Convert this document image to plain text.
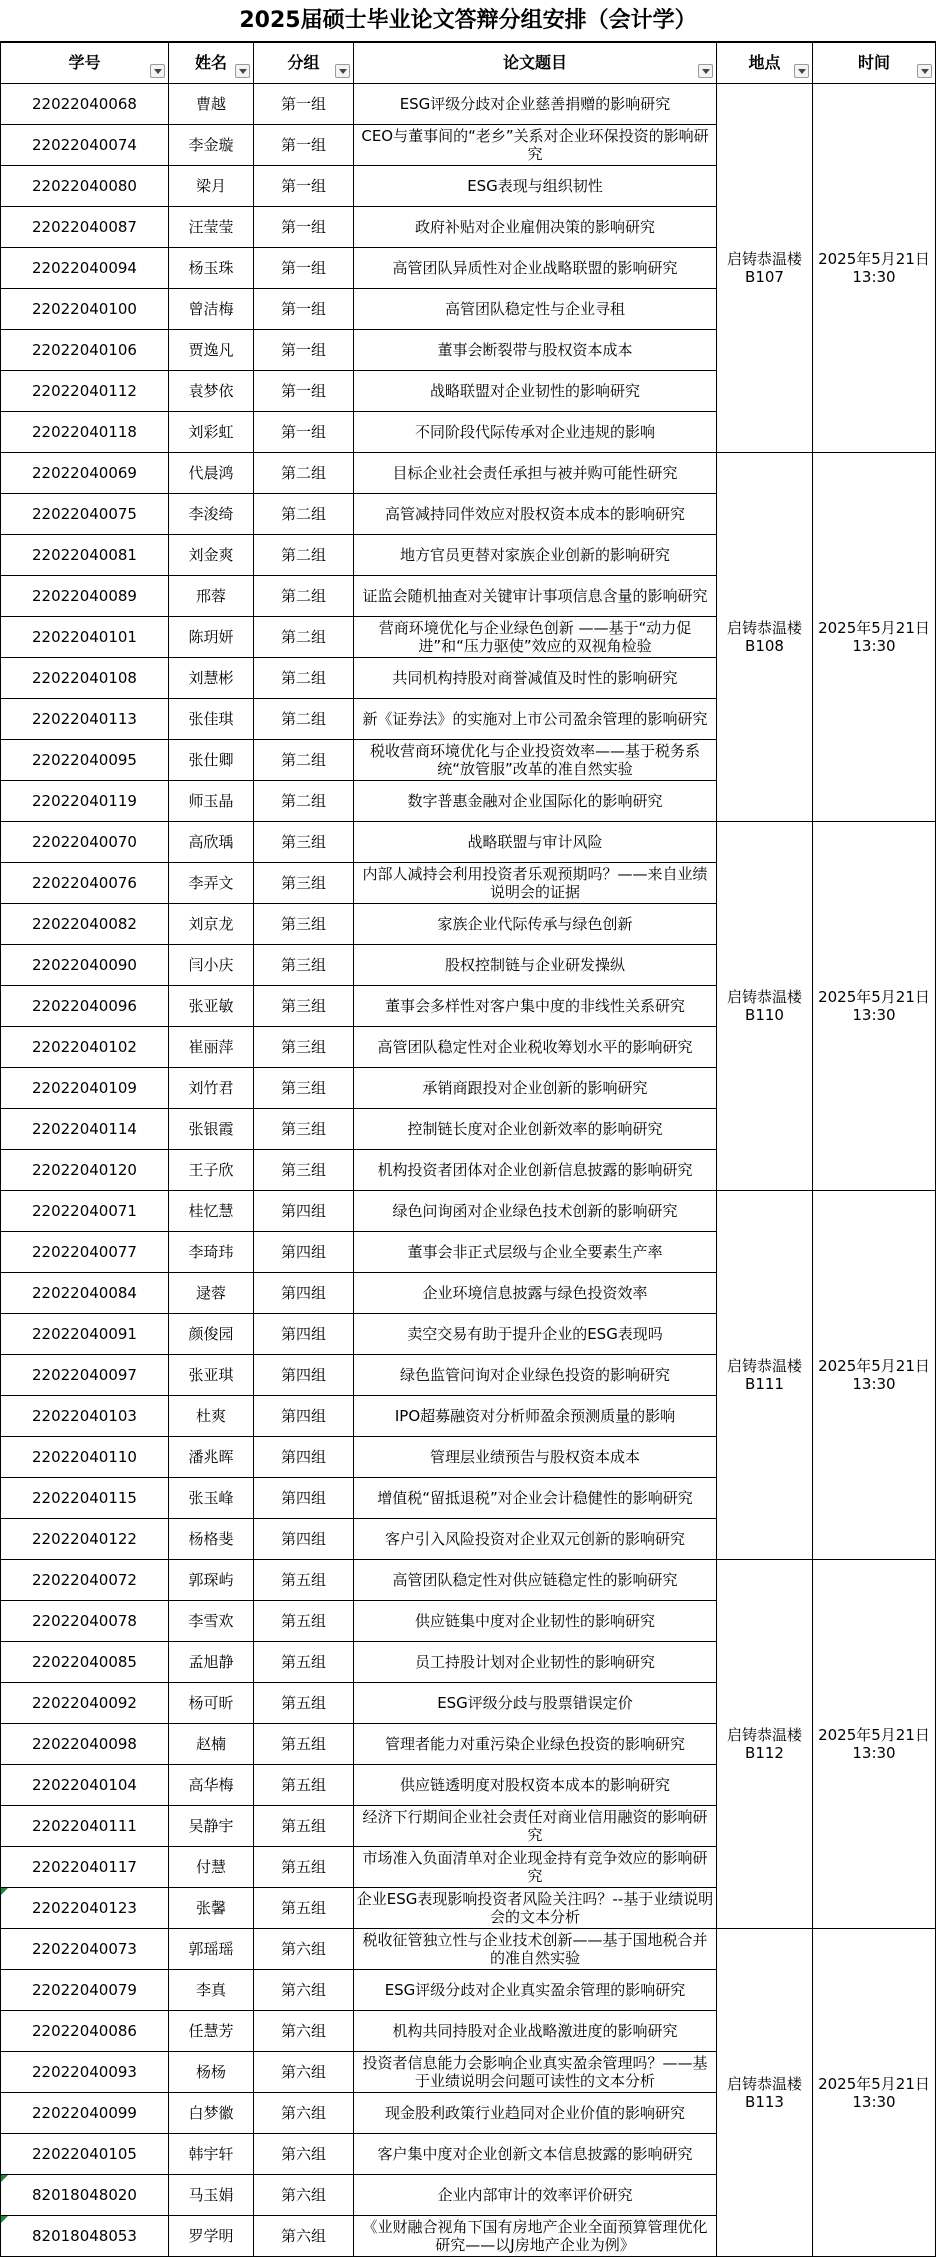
2025届硕士毕业论文答辩分组安排（会计学）
学号	姓名	分组	论文题目	地点	时间

22022040068	曹越	第一组	ESG评级分歧对企业慈善捐赠的影响研究	启铸恭温楼B107	2025年5月21日 13:30
22022040074	李金璇	第一组	CEO与董事间的“老乡”关系对企业环保投资的影响研究		
22022040080	梁月	第一组	ESG表现与组织韧性		
22022040087	汪莹莹	第一组	政府补贴对企业雇佣决策的影响研究		
22022040094	杨玉珠	第一组	高管团队异质性对企业战略联盟的影响研究		
22022040100	曾洁梅	第一组	高管团队稳定性与企业寻租		
22022040106	贾逸凡	第一组	董事会断裂带与股权资本成本		
22022040112	袁梦依	第一组	战略联盟对企业韧性的影响研究		
22022040118	刘彩虹	第一组	不同阶段代际传承对企业违规的影响		
22022040069	代晨鸿	第二组	目标企业社会责任承担与被并购可能性研究	启铸恭温楼B108	2025年5月21日 13:30
22022040075	李浚绮	第二组	高管减持同伴效应对股权资本成本的影响研究		
22022040081	刘金爽	第二组	地方官员更替对家族企业创新的影响研究		
22022040089	邢蓉	第二组	证监会随机抽查对关键审计事项信息含量的影响研究		
22022040101	陈玥妍	第二组	营商环境优化与企业绿色创新 ——基于“动力促进”和“压力驱使”效应的双视角检验		
22022040108	刘慧彬	第二组	共同机构持股对商誉减值及时性的影响研究		
22022040113	张佳琪	第二组	新《证券法》的实施对上市公司盈余管理的影响研究		
22022040095	张仕卿	第二组	税收营商环境优化与企业投资效率——基于税务系统“放管服”改革的准自然实验		
22022040119	师玉晶	第二组	数字普惠金融对企业国际化的影响研究		
22022040070	高欣瑀	第三组	战略联盟与审计风险	启铸恭温楼B110	2025年5月21日 13:30
22022040076	李弄文	第三组	内部人减持会利用投资者乐观预期吗？——来自业绩说明会的证据		
22022040082	刘京龙	第三组	家族企业代际传承与绿色创新		
22022040090	闫小庆	第三组	股权控制链与企业研发操纵		
22022040096	张亚敏	第三组	董事会多样性对客户集中度的非线性关系研究		
22022040102	崔丽萍	第三组	高管团队稳定性对企业税收筹划水平的影响研究		
22022040109	刘竹君	第三组	承销商跟投对企业创新的影响研究		
22022040114	张银霞	第三组	控制链长度对企业创新效率的影响研究		
22022040120	王子欣	第三组	机构投资者团体对企业创新信息披露的影响研究		
22022040071	桂忆慧	第四组	绿色问询函对企业绿色技术创新的影响研究	启铸恭温楼B111	2025年5月21日 13:30
22022040077	李琦玮	第四组	董事会非正式层级与企业全要素生产率		
22022040084	逯蓉	第四组	企业环境信息披露与绿色投资效率		
22022040091	颜俊园	第四组	卖空交易有助于提升企业的ESG表现吗		
22022040097	张亚琪	第四组	绿色监管问询对企业绿色投资的影响研究		
22022040103	杜爽	第四组	IPO超募融资对分析师盈余预测质量的影响		
22022040110	潘兆晖	第四组	管理层业绩预告与股权资本成本		
22022040115	张玉峰	第四组	增值税“留抵退税”对企业会计稳健性的影响研究		
22022040122	杨格斐	第四组	客户引入风险投资对企业双元创新的影响研究		
22022040072	郭琛屿	第五组	高管团队稳定性对供应链稳定性的影响研究	启铸恭温楼B112	2025年5月21日 13:30
22022040078	李雪欢	第五组	供应链集中度对企业韧性的影响研究		
22022040085	孟旭静	第五组	员工持股计划对企业韧性的影响研究		
22022040092	杨可昕	第五组	ESG评级分歧与股票错误定价		
22022040098	赵楠	第五组	管理者能力对重污染企业绿色投资的影响研究		
22022040104	高华梅	第五组	供应链透明度对股权资本成本的影响研究		
22022040111	吴静宇	第五组	经济下行期间企业社会责任对商业信用融资的影响研究		
22022040117	付慧	第五组	市场准入负面清单对企业现金持有竞争效应的影响研究		
22022040123	张馨	第五组	企业ESG表现影响投资者风险关注吗？--基于业绩说明会的文本分析		
22022040073	郭瑶瑶	第六组	税收征管独立性与企业技术创新——基于国地税合并的准自然实验	启铸恭温楼B113	2025年5月21日 13:30
22022040079	李真	第六组	ESG评级分歧对企业真实盈余管理的影响研究		
22022040086	任慧芳	第六组	机构共同持股对企业战略激进度的影响研究		
22022040093	杨杨	第六组	投资者信息能力会影响企业真实盈余管理吗？——基于业绩说明会问题可读性的文本分析		
22022040099	白梦徽	第六组	现金股利政策行业趋同对企业价值的影响研究		
22022040105	韩宇轩	第六组	客户集中度对企业创新文本信息披露的影响研究		
82018048020	马玉娟	第六组	企业内部审计的效率评价研究		
82018048053	罗学明	第六组	《业财融合视角下国有房地产企业全面预算管理优化研究——以J房地产企业为例》		
